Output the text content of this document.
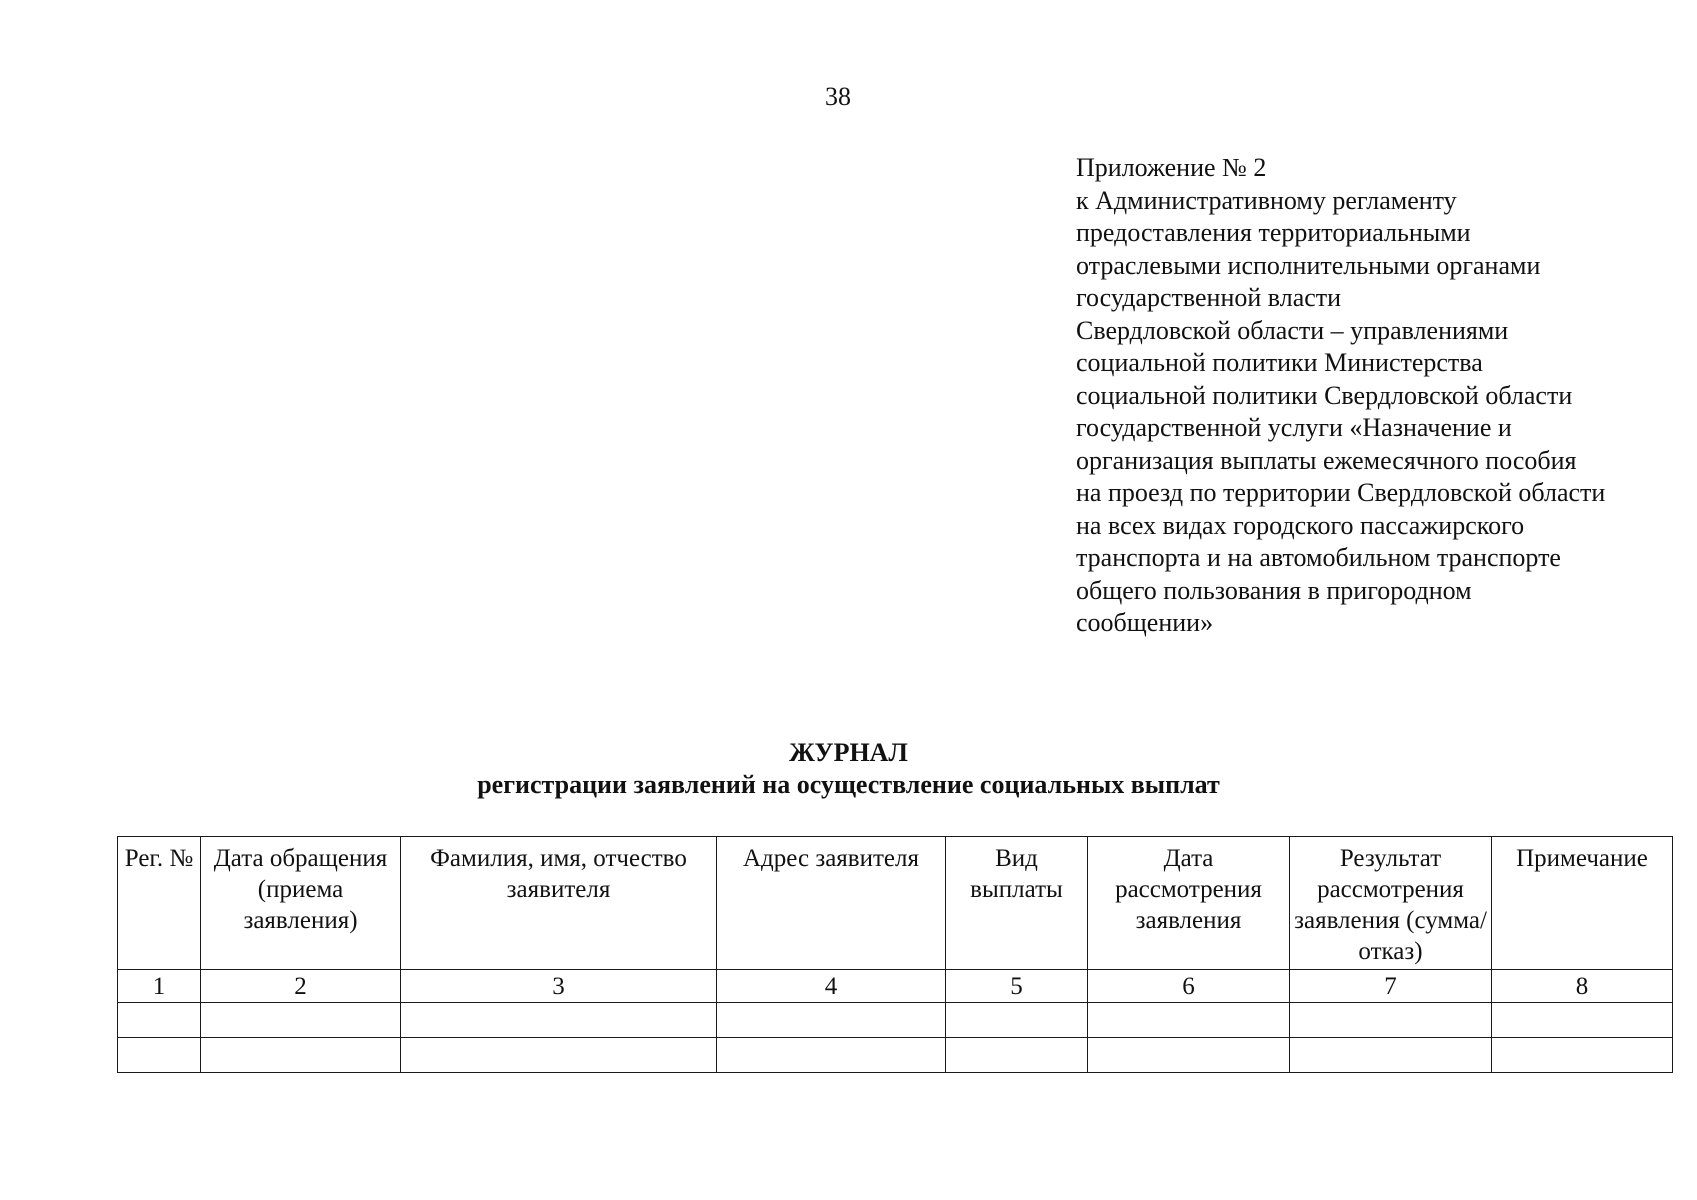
38
Приложение № 2
к Административному регламенту
предоставления территориальными
отраслевыми исполнительными органами
государственной власти
Свердловской области – управлениями
социальной политики Министерства
социальной политики Свердловской области
государственной услуги «Назначение и
организация выплаты ежемесячного пособия
на проезд по территории Свердловской области
на всех видах городского пассажирского
транспорта и на автомобильном транспорте
общего пользования в пригородном
сообщении»
ЖУРНАЛ
регистрации заявлений на осуществление социальных выплат
Рег. №	Дата обращения (приема заявления)	Фамилия, имя, отчество заявителя	Адрес заявителя	Вид выплаты	Дата рассмотрения заявления	Результат рассмотрения заявления (сумма/отказ)	Примечание
1	2	3	4	5	6	7	8
